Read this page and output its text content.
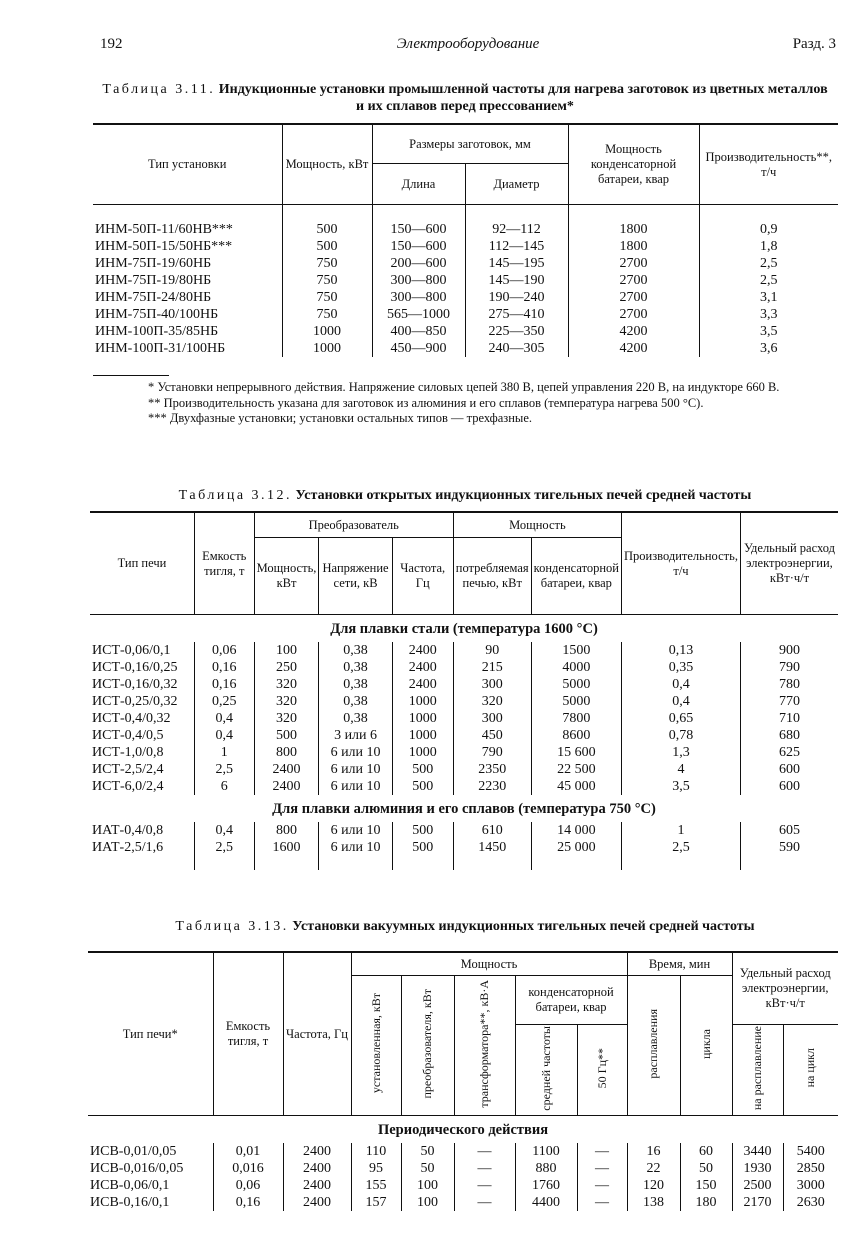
192	Электрооборудование	Разд. 3
Таблица 3.11. Индукционные установки промышленной частоты для нагрева заготовок из цветных металлов и их сплавов перед прессованием*
Тип установки	Мощность, кВт	Размеры заготовок, мм		Мощность конденсаторной батареи, квар	Производительность**, т/ч
		Длина	Диаметр		

ИНМ-50П-11/60НВ***	500	150—600	92—112	1800	0,9
ИНМ-50П-15/50НБ***	500	150—600	112—145	1800	1,8
ИНМ-75П-19/60НБ	750	200—600	145—195	2700	2,5
ИНМ-75П-19/80НБ	750	300—800	145—190	2700	2,5
ИНМ-75П-24/80НБ	750	300—800	190—240	2700	3,1
ИНМ-75П-40/100НБ	750	565—1000	275—410	2700	3,3
ИНМ-100П-35/85НБ	1000	400—850	225—350	4200	3,5
ИНМ-100П-31/100НБ	1000	450—900	240—305	4200	3,6

* Установки непрерывного действия. Напряжение силовых цепей 380 В, цепей управления 220 В, на индукторе 660 В.

** Производительность указана для заготовок из алюминия и его сплавов (температура нагрева 500 °С).

*** Двухфазные установки; установки остальных типов — трехфазные.

Таблица 3.12. Установки открытых индукционных тигельных печей средней частоты
Тип печи	Емкость тигля, т	Преобразователь			Мощность		Производительность, т/ч	Удельный расход электроэнергии, кВт·ч/т
		Мощность, кВт	Напряжение сети, кВ	Частота, Гц	потребляемая печью, кВт	конденсаторной батареи, квар		
Для плавки стали (температура 1600 °С)								
ИСТ-0,06/0,1	0,06	100	0,38	2400	90	1500	0,13	900
ИСТ-0,16/0,25	0,16	250	0,38	2400	215	4000	0,35	790
ИСТ-0,16/0,32	0,16	320	0,38	2400	300	5000	0,4	780
ИСТ-0,25/0,32	0,25	320	0,38	1000	320	5000	0,4	770
ИСТ-0,4/0,32	0,4	320	0,38	1000	300	7800	0,65	710
ИСТ-0,4/0,5	0,4	500	3 или 6	1000	450	8600	0,78	680
ИСТ-1,0/0,8	1	800	6 или 10	1000	790	15 600	1,3	625
ИСТ-2,5/2,4	2,5	2400	6 или 10	500	2350	22 500	4	600
ИСТ-6,0/2,4	6	2400	6 или 10	500	2230	45 000	3,5	600
Для плавки алюминия и его сплавов (температура 750 °С)								
ИАТ-0,4/0,8	0,4	800	6 или 10	500	610	14 000	1	605
ИАТ-2,5/1,6	2,5	1600	6 или 10	500	1450	25 000	2,5	590

Таблица 3.13. Установки вакуумных индукционных тигельных печей средней частоты
Тип печи*	Емкость тигля, т	Частота, Гц	Мощность					Время, мин		Удельный расход электроэнергии, кВт·ч/т	
			установленная, кВт	преобразователя, кВт	трансформатора**, кВ·А	конденсаторной батареи, квар		расплавления	цикла		
						средней частоты	50 Гц**			на расплавление	на цикл
Периодического действия											
ИСВ-0,01/0,05	0,01	2400	110	50	—	1100	—	16	60	3440	5400
ИСВ-0,016/0,05	0,016	2400	95	50	—	880	—	22	50	1930	2850
ИСВ-0,06/0,1	0,06	2400	155	100	—	1760	—	120	150	2500	3000
ИСВ-0,16/0,1	0,16	2400	157	100	—	4400	—	138	180	2170	2630
